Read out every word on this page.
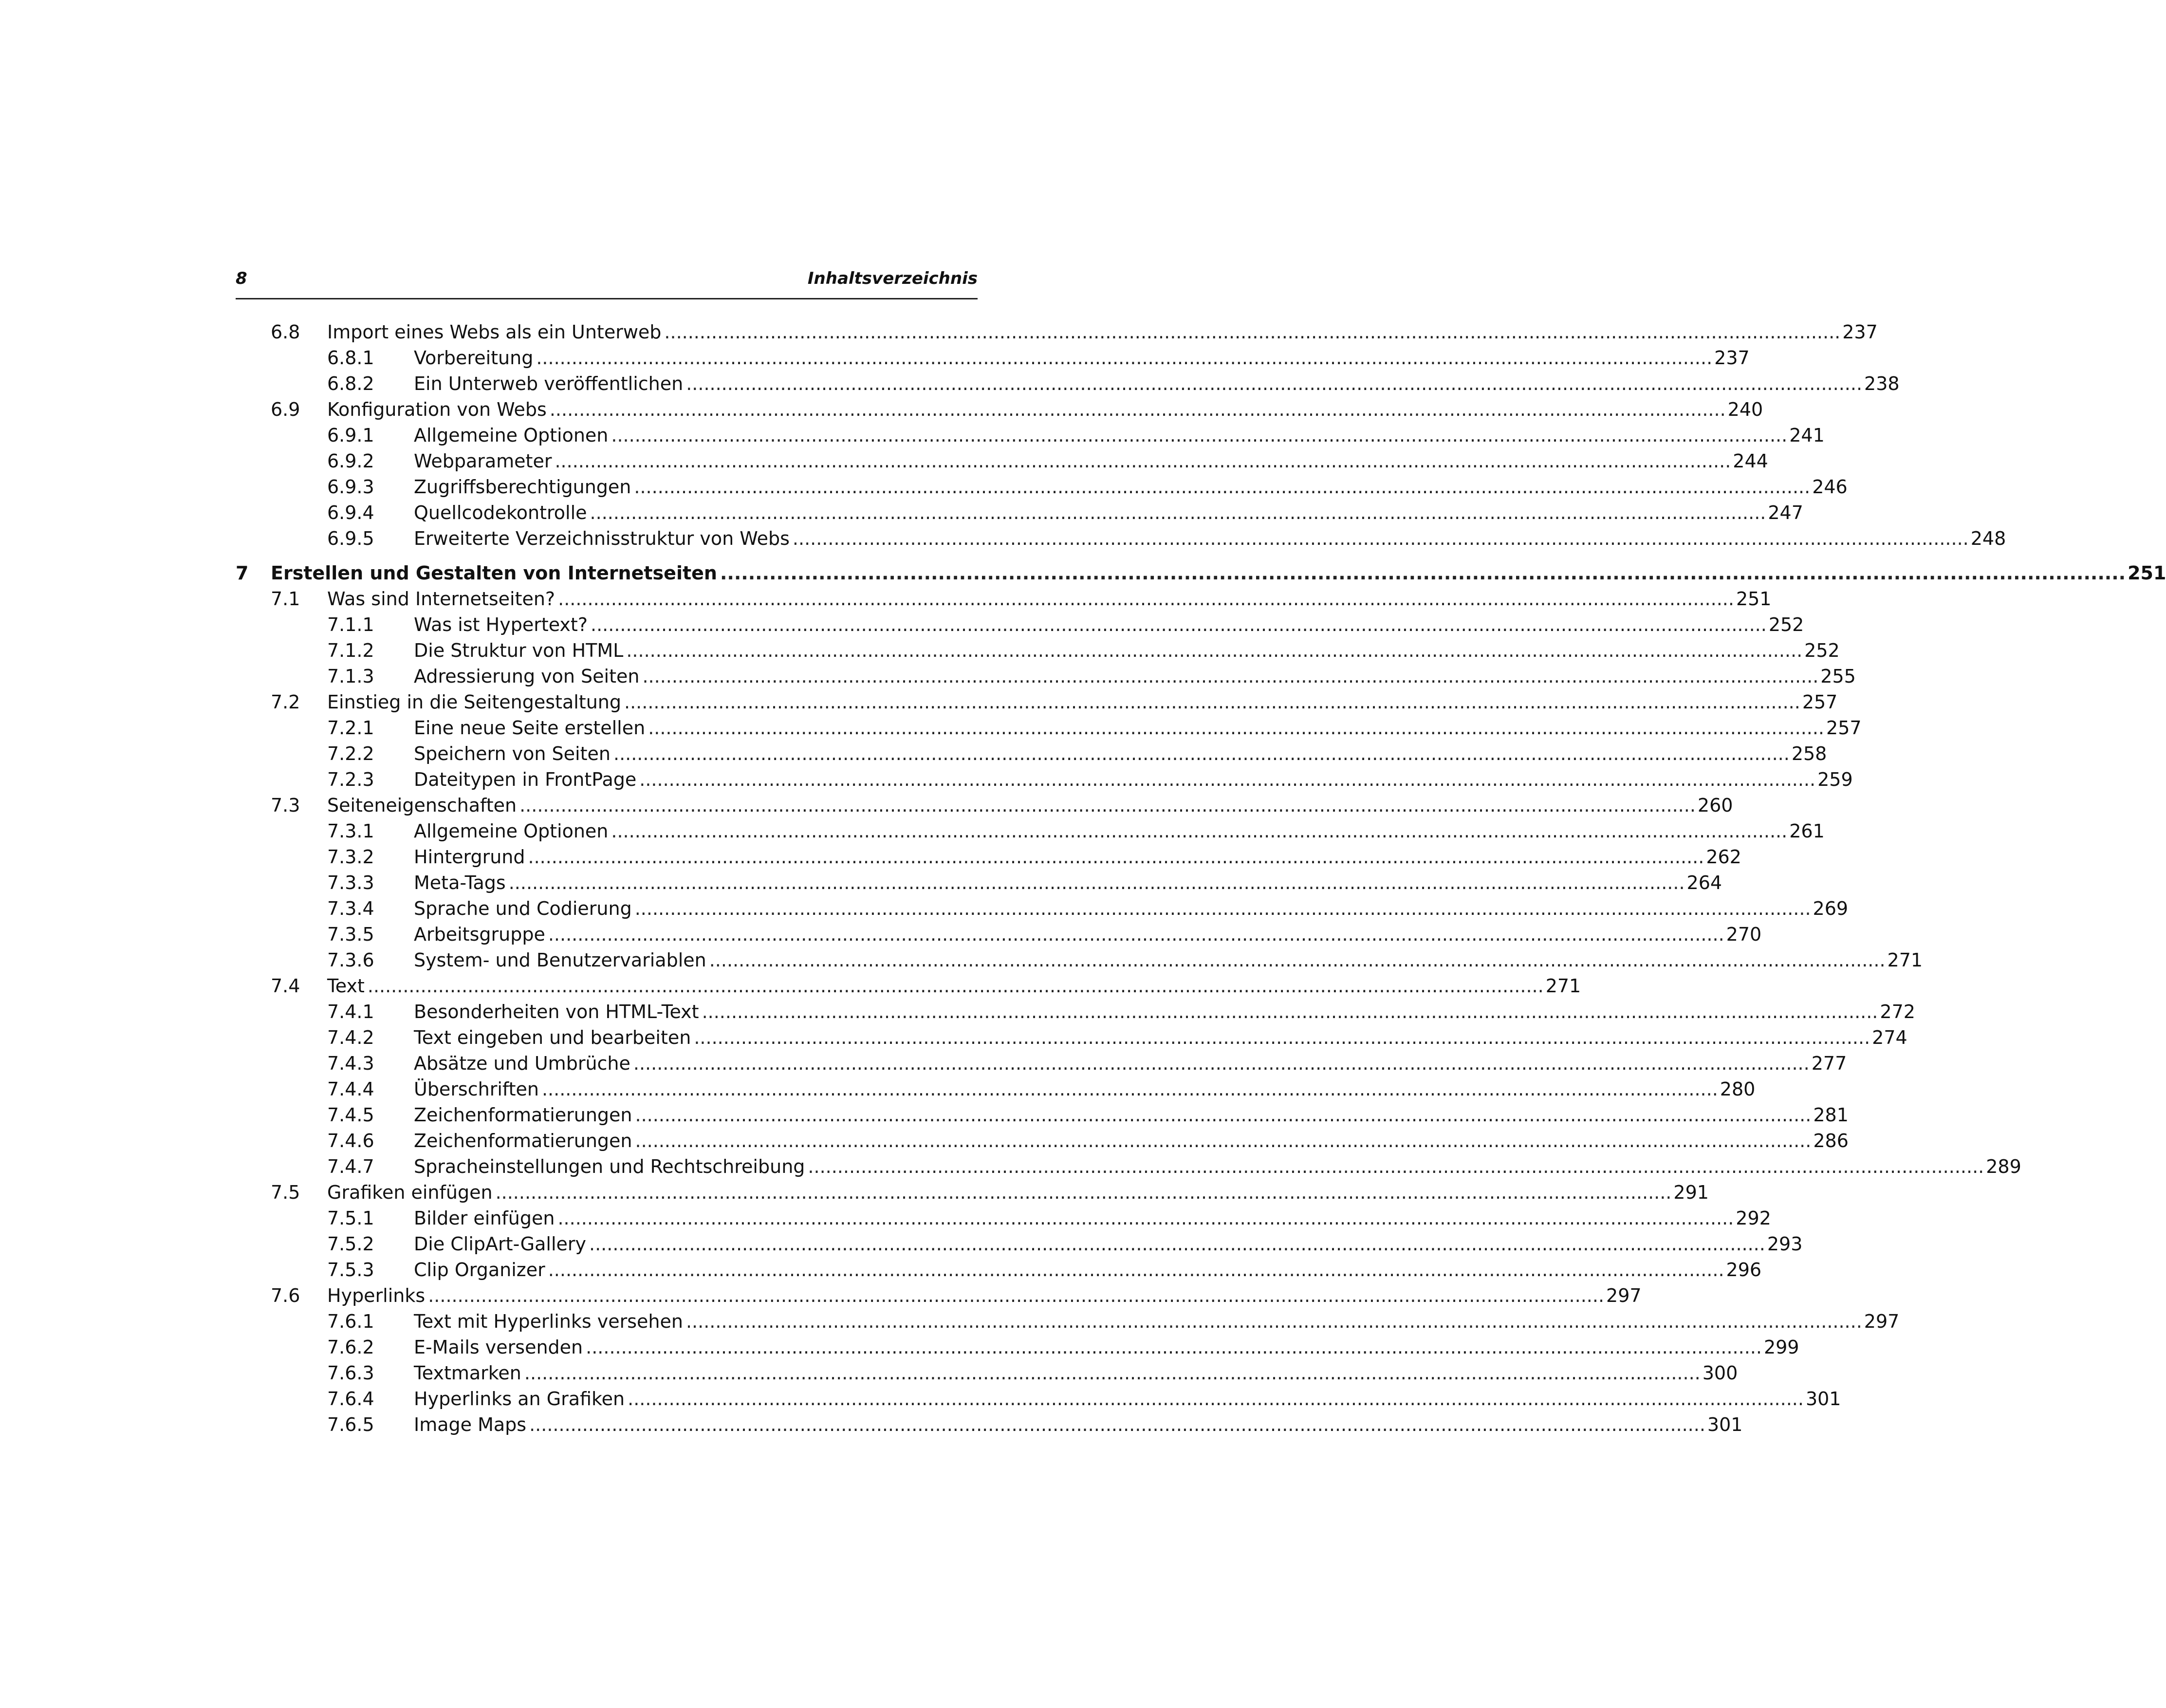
8	Inhaltsverzeichnis
6.8 Import eines Webs als ein Unterweb ........................................................................................................................................................................................................ 237
6.8.1 Vorbereitung ........................................................................................................................................................................................................ 237
6.8.2 Ein Unterweb veröffentlichen ........................................................................................................................................................................................................ 238
6.9 Konfiguration von Webs ........................................................................................................................................................................................................ 240
6.9.1 Allgemeine Optionen ........................................................................................................................................................................................................ 241
6.9.2 Webparameter ........................................................................................................................................................................................................ 244
6.9.3 Zugriffsberechtigungen ........................................................................................................................................................................................................ 246
6.9.4 Quellcodekontrolle ........................................................................................................................................................................................................ 247
6.9.5 Erweiterte Verzeichnisstruktur von Webs ........................................................................................................................................................................................................ 248
7 Erstellen und Gestalten von Internetseiten ........................................................................................................................................................................................................ 251
7.1 Was sind Internetseiten? ........................................................................................................................................................................................................ 251
7.1.1 Was ist Hypertext? ........................................................................................................................................................................................................ 252
7.1.2 Die Struktur von HTML ........................................................................................................................................................................................................ 252
7.1.3 Adressierung von Seiten ........................................................................................................................................................................................................ 255
7.2 Einstieg in die Seitengestaltung ........................................................................................................................................................................................................ 257
7.2.1 Eine neue Seite erstellen ........................................................................................................................................................................................................ 257
7.2.2 Speichern von Seiten ........................................................................................................................................................................................................ 258
7.2.3 Dateitypen in FrontPage ........................................................................................................................................................................................................ 259
7.3 Seiteneigenschaften ........................................................................................................................................................................................................ 260
7.3.1 Allgemeine Optionen ........................................................................................................................................................................................................ 261
7.3.2 Hintergrund ........................................................................................................................................................................................................ 262
7.3.3 Meta-Tags ........................................................................................................................................................................................................ 264
7.3.4 Sprache und Codierung ........................................................................................................................................................................................................ 269
7.3.5 Arbeitsgruppe ........................................................................................................................................................................................................ 270
7.3.6 System- und Benutzervariablen ........................................................................................................................................................................................................ 271
7.4 Text ........................................................................................................................................................................................................ 271
7.4.1 Besonderheiten von HTML-Text ........................................................................................................................................................................................................ 272
7.4.2 Text eingeben und bearbeiten ........................................................................................................................................................................................................ 274
7.4.3 Absätze und Umbrüche ........................................................................................................................................................................................................ 277
7.4.4 Überschriften ........................................................................................................................................................................................................ 280
7.4.5 Zeichenformatierungen ........................................................................................................................................................................................................ 281
7.4.6 Zeichenformatierungen ........................................................................................................................................................................................................ 286
7.4.7 Spracheinstellungen und Rechtschreibung ........................................................................................................................................................................................................ 289
7.5 Grafiken einfügen ........................................................................................................................................................................................................ 291
7.5.1 Bilder einfügen ........................................................................................................................................................................................................ 292
7.5.2 Die ClipArt-Gallery ........................................................................................................................................................................................................ 293
7.5.3 Clip Organizer ........................................................................................................................................................................................................ 296
7.6 Hyperlinks ........................................................................................................................................................................................................ 297
7.6.1 Text mit Hyperlinks versehen ........................................................................................................................................................................................................ 297
7.6.2 E-Mails versenden ........................................................................................................................................................................................................ 299
7.6.3 Textmarken ........................................................................................................................................................................................................ 300
7.6.4 Hyperlinks an Grafiken ........................................................................................................................................................................................................ 301
7.6.5 Image Maps ........................................................................................................................................................................................................ 301
